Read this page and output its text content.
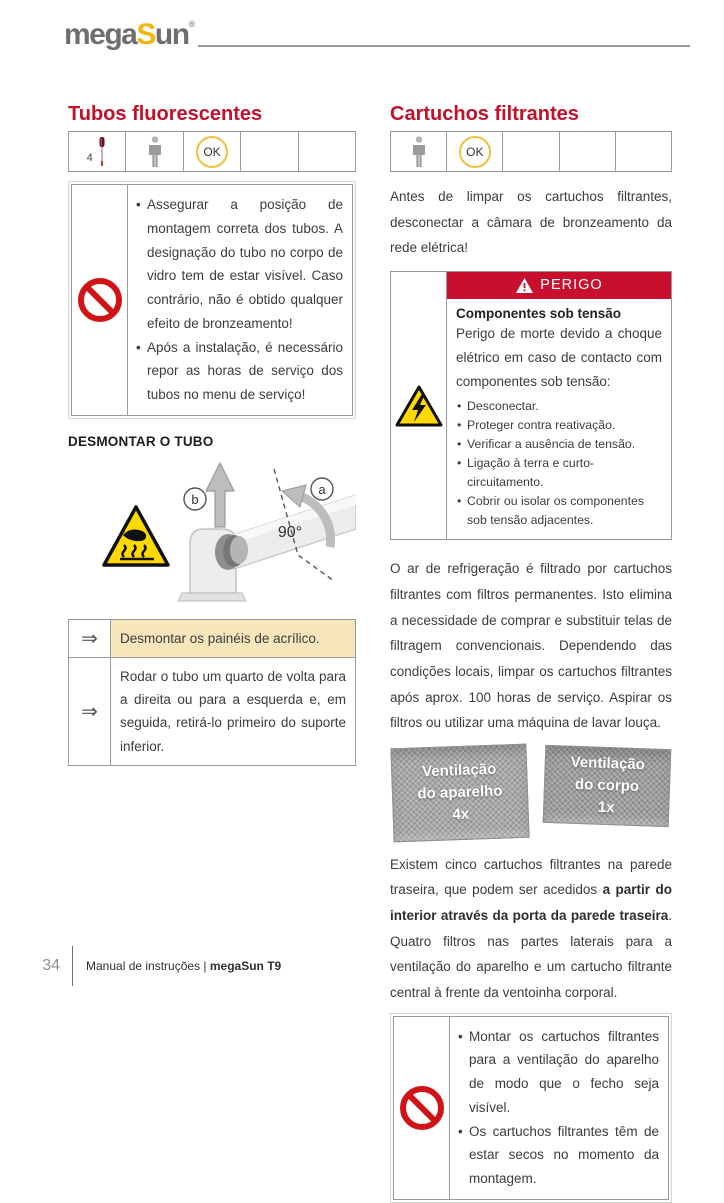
megaSun®
Tubos fluorescentes
4	OK
• Assegurar a posição de montagem correta dos tubos. A designação do tubo no corpo de vidro tem de estar visível. Caso contrário, não é obtido qualquer efeito de bronzeamento!
• Após a instalação, é necessário repor as horas de serviço dos tubos no menu de serviço!
DESMONTAR O TUBO
b
a
90°
⇒	Desmontar os painéis de acrílico.
⇒
Rodar o tubo um quarto de volta para a direita ou para a esquerda e, em seguida, retirá-lo primeiro do suporte inferior.
Cartuchos filtrantes
OK

Antes de limpar os cartuchos filtrantes, desconectar a câmara de bronzeamento da rede elétrica!

PERIGO
Componentes sob tensão

Perigo de morte devido a choque elétrico em caso de contacto com componentes sob tensão:

• Desconectar.
• Proteger contra reativação.
• Verificar a ausência de tensão.
• Ligação à terra e curto-circuitamento.
• Cobrir ou isolar os componentes sob tensão adjacentes.

O ar de refrigeração é filtrado por cartuchos filtrantes com filtros permanentes. Isto elimina a necessidade de comprar e substituir telas de filtragem convencionais. Dependendo das condições locais, limpar os cartuchos filtrantes após aprox. 100 horas de serviço. Aspirar os filtros ou utilizar uma máquina de lavar louça.

Ventilação
do aparelho
4x
Ventilação
do corpo
1x

Existem cinco cartuchos filtrantes na parede traseira, que podem ser acedidos a partir do interior através da porta da parede traseira. Quatro filtros nas partes laterais para a ventilação do aparelho e um cartucho filtrante central à frente da ventoinha corporal.

• Montar os cartuchos filtrantes para a ventilação do aparelho de modo que o fecho seja visível.
• Os cartuchos filtrantes têm de estar secos no momento da montagem.
34 Manual de instruções | megaSun T9
